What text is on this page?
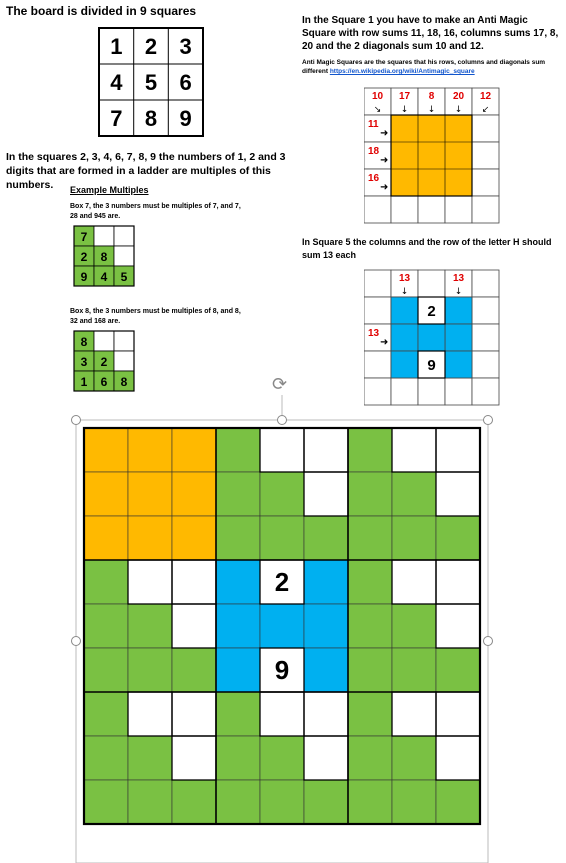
The board is divided in 9 squares
In the Square 1 you have to make an Anti Magic Square with row sums 11, 18, 16, columns sums 17, 8, 20 and the 2 diagonals sum 10 and 12.
Anti Magic Squares are the squares that his rows, columns and diagonals sum different https://en.wikipedia.org/wiki/Antimagic_square
In the squares 2, 3, 4, 6, 7, 8, 9 the numbers of 1, 2 and 3 digits that are formed in a ladder are multiples of this numbers.	Example Multiples
Box 7, the 3 numbers must be multiples of 7, and 7, 28 and 945 are.
Box 8, the 3 numbers must be multiples of 8, and 8, 32 and 168 are.
In Square 5 the columns and the row of the letter H should sum 13 each
1 2 3
4 5 6
7 8 9
7
2 8
9 4 5
8
3 2
1 6 8
10
↘
17
↓
8
↓
20
↓
12
↙
11
➜
18
➜
16
➜
2
9
13
↓
13
↓
13
➜
2
9
⟳
